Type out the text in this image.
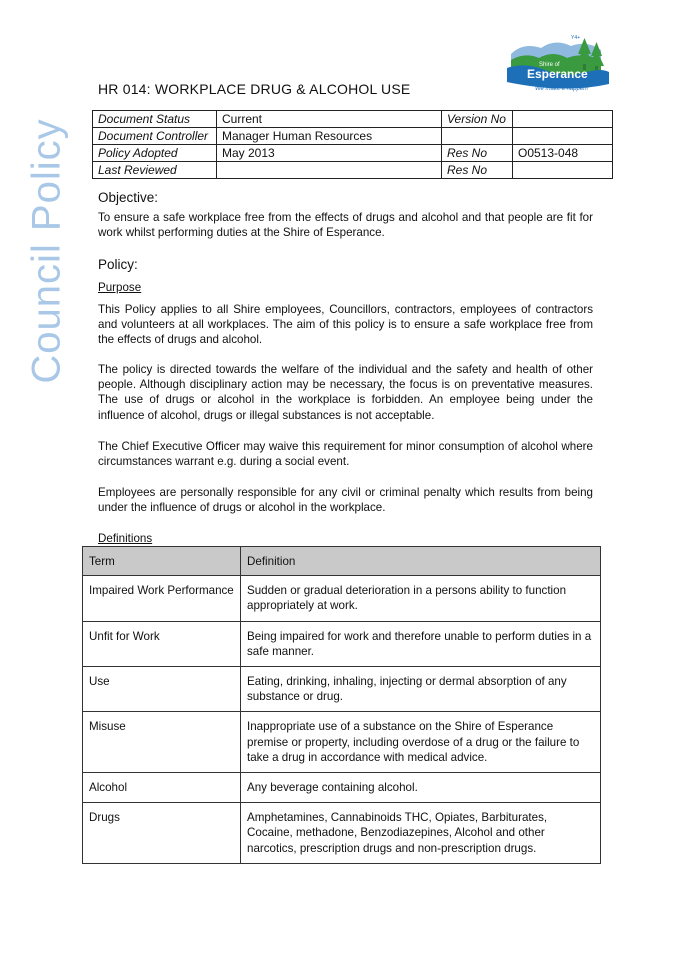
Council Policy
Shire of
Esperance
We make it happen!
Y4+
HR 014: WORKPLACE DRUG & ALCOHOL USE
Document Status	Current	Version No	
Document Controller	Manager Human Resources		
Policy Adopted	May 2013	Res No	O0513-048
Last Reviewed		Res No	
Objective:
To ensure a safe workplace free from the effects of drugs and alcohol and that people are fit for work whilst performing duties at the Shire of Esperance.
Policy:
Purpose
This Policy applies to all Shire employees, Councillors, contractors, employees of contractors and volunteers at all workplaces. The aim of this policy is to ensure a safe workplace free from the effects of drugs and alcohol.
The policy is directed towards the welfare of the individual and the safety and health of other people. Although disciplinary action may be necessary, the focus is on preventative measures. The use of drugs or alcohol in the workplace is forbidden. An employee being under the influence of alcohol, drugs or illegal substances is not acceptable.
The Chief Executive Officer may waive this requirement for minor consumption of alcohol where circumstances warrant e.g. during a social event.
Employees are personally responsible for any civil or criminal penalty which results from being under the influence of drugs or alcohol in the workplace.
Definitions
Term	Definition
Impaired Work Performance	Sudden or gradual deterioration in a persons ability to function appropriately at work.
Unfit for Work	Being impaired for work and therefore unable to perform duties in a safe manner.
Use	Eating, drinking, inhaling, injecting or dermal absorption of any substance or drug.
Misuse	Inappropriate use of a substance on the Shire of Esperance premise or property, including overdose of a drug or the failure to take a drug in accordance with medical advice.
Alcohol	Any beverage containing alcohol.
Drugs	Amphetamines, Cannabinoids THC, Opiates, Barbiturates, Cocaine, methadone, Benzodiazepines, Alcohol and other narcotics, prescription drugs and non-prescription drugs.
